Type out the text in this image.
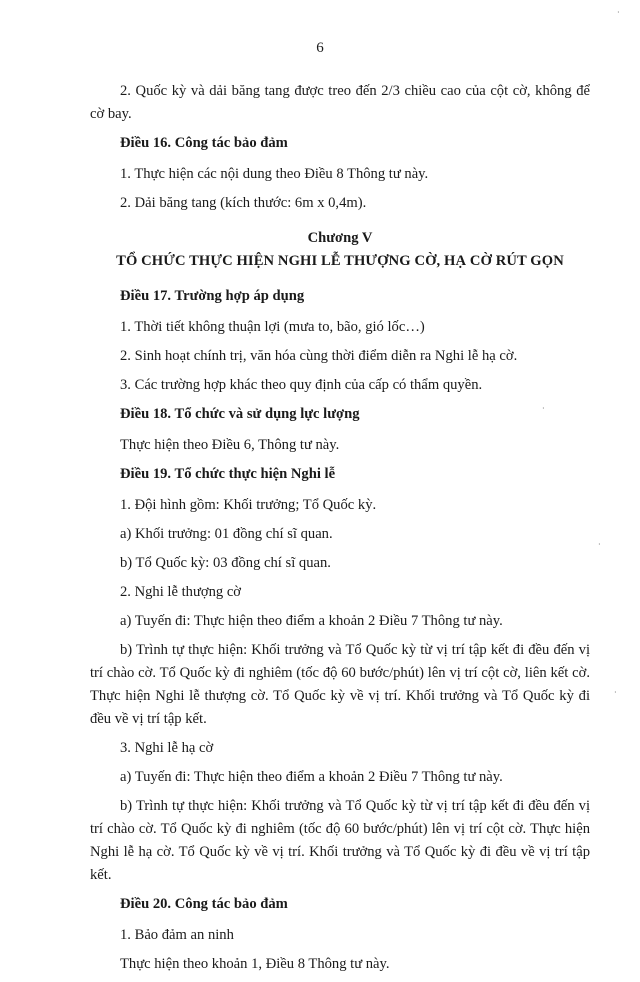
6

2. Quốc kỳ và dải băng tang được treo đến 2/3 chiều cao của cột cờ, không để cờ bay.

Điều 16. Công tác bảo đảm

1. Thực hiện các nội dung theo Điều 8 Thông tư này.

2. Dải băng tang (kích thước: 6m x 0,4m).

Chương V
TỔ CHỨC THỰC HIỆN NGHI LỄ THƯỢNG CỜ, HẠ CỜ RÚT GỌN
Điều 17. Trường hợp áp dụng

1. Thời tiết không thuận lợi (mưa to, bão, gió lốc…)

2. Sinh hoạt chính trị, văn hóa cùng thời điểm diễn ra Nghi lễ hạ cờ.

3. Các trường hợp khác theo quy định của cấp có thẩm quyền.

Điều 18. Tổ chức và sử dụng lực lượng

Thực hiện theo Điều 6, Thông tư này.

Điều 19. Tổ chức thực hiện Nghi lễ

1. Đội hình gồm: Khối trưởng; Tổ Quốc kỳ.

a) Khối trưởng: 01 đồng chí sĩ quan.

b) Tổ Quốc kỳ: 03 đồng chí sĩ quan.

2. Nghi lễ thượng cờ

a) Tuyến đi: Thực hiện theo điểm a khoản 2 Điều 7 Thông tư này.

b) Trình tự thực hiện: Khối trưởng và Tổ Quốc kỳ từ vị trí tập kết đi đều đến vị trí chào cờ. Tổ Quốc kỳ đi nghiêm (tốc độ 60 bước/phút) lên vị trí cột cờ, liên kết cờ. Thực hiện Nghi lễ thượng cờ. Tổ Quốc kỳ về vị trí. Khối trưởng và Tổ Quốc kỳ đi đều về vị trí tập kết.

3. Nghi lễ hạ cờ

a) Tuyến đi: Thực hiện theo điểm a khoản 2 Điều 7 Thông tư này.

b) Trình tự thực hiện: Khối trưởng và Tổ Quốc kỳ từ vị trí tập kết đi đều đến vị trí chào cờ. Tổ Quốc kỳ đi nghiêm (tốc độ 60 bước/phút) lên vị trí cột cờ. Thực hiện Nghi lễ hạ cờ. Tổ Quốc kỳ về vị trí. Khối trưởng và Tổ Quốc kỳ đi đều về vị trí tập kết.

Điều 20. Công tác bảo đảm

1. Bảo đảm an ninh

Thực hiện theo khoản 1, Điều 8 Thông tư này.

·
·
·
·
